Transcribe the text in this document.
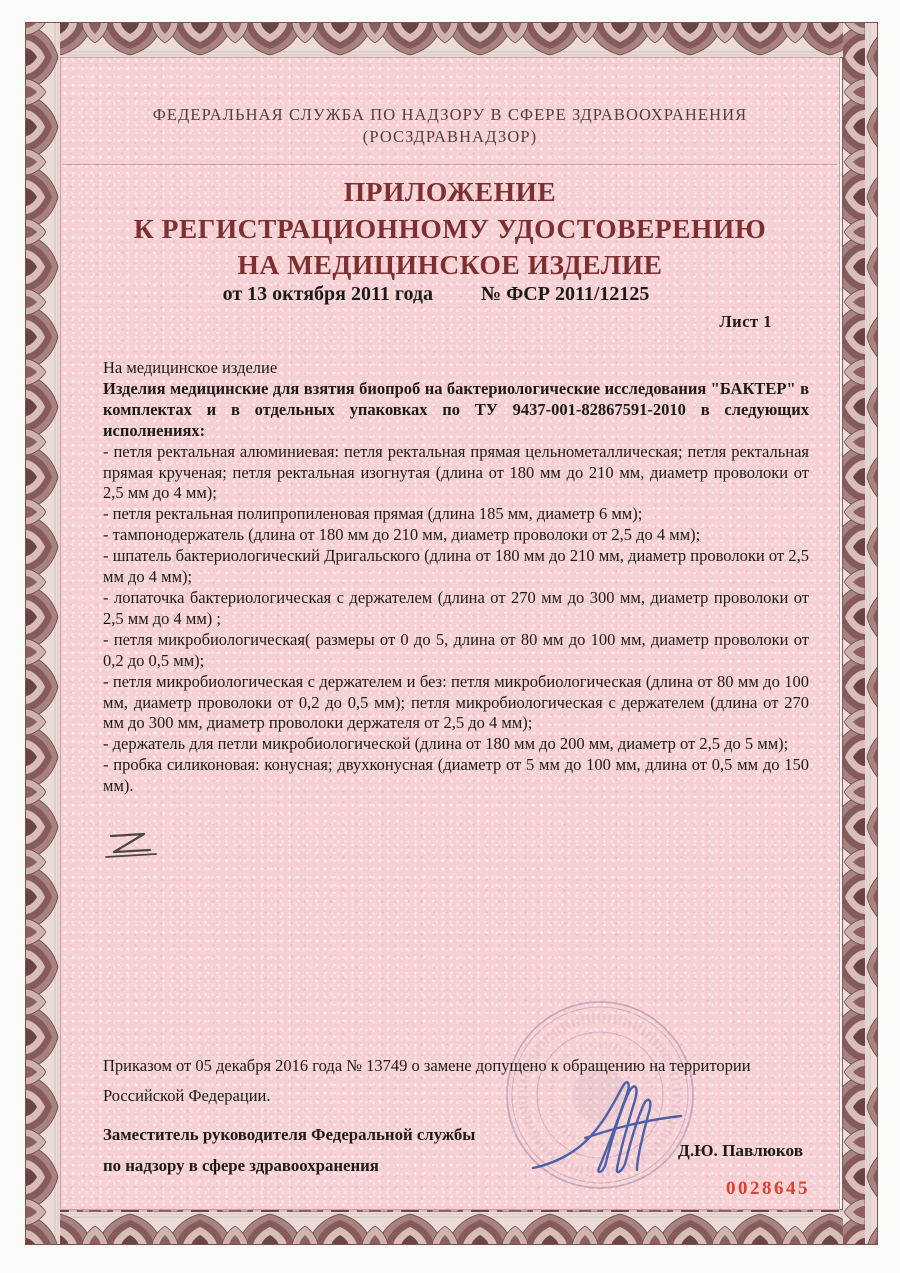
ФЕДЕРАЛЬНАЯ СЛУЖБА ПО НАДЗОРУ В СФЕРЕ ЗДРАВООХРАНЕНИЯ
(РОСЗДРАВНАДЗОР)
ПРИЛОЖЕНИЕ
К РЕГИСТРАЦИОННОМУ УДОСТОВЕРЕНИЮ
НА МЕДИЦИНСКОЕ ИЗДЕЛИЕ
от 13 октября 2011 года № ФСР 2011/12125
Лист 1

На медицинское изделие

Изделия медицинские для взятия биопроб на бактериологические исследования "БАКТЕР" в комплектах и в отдельных упаковках по ТУ 9437-001-82867591-2010 в следующих исполнениях:

- петля ректальная алюминиевая: петля ректальная прямая цельнометаллическая; петля ректальная прямая крученая; петля ректальная изогнутая (длина от 180 мм до 210 мм, диаметр проволоки от 2,5 мм до 4 мм);

- петля ректальная полипропиленовая прямая (длина 185 мм, диаметр 6 мм);

- тампонодержатель (длина от 180 мм до 210 мм, диаметр проволоки от 2,5 до 4 мм);

- шпатель бактериологический Дригальского (длина от 180 мм до 210 мм, диаметр проволоки от 2,5 мм до 4 мм);

- лопаточка бактериологическая с держателем (длина от 270 мм до 300 мм, диаметр проволоки от 2,5 мм до 4 мм) ;

- петля микробиологическая( размеры от 0 до 5, длина от 80 мм до 100 мм, диаметр проволоки от 0,2 до 0,5 мм);

- петля микробиологическая с держателем и без: петля микробиологическая (длина от 80 мм до 100 мм, диаметр проволоки от 0,2 до 0,5 мм); петля микробиологическая с держателем (длина от 270 мм до 300 мм, диаметр проволоки держателя от 2,5 до 4 мм);

- держатель для петли микробиологической (длина от 180 мм до 200 мм, диаметр от 2,5 до 5 мм);

- пробка силиконовая: конусная; двухконусная (диаметр от 5 мм до 100 мм, длина от 0,5 мм до 150 мм).

Приказом от 05 декабря 2016 года № 13749 о замене допущено к обращению на территории Российской Федерации.

Заместитель руководителя Федеральной службы
по надзору в сфере здравоохранения
Д.Ю. Павлюков
0028645
